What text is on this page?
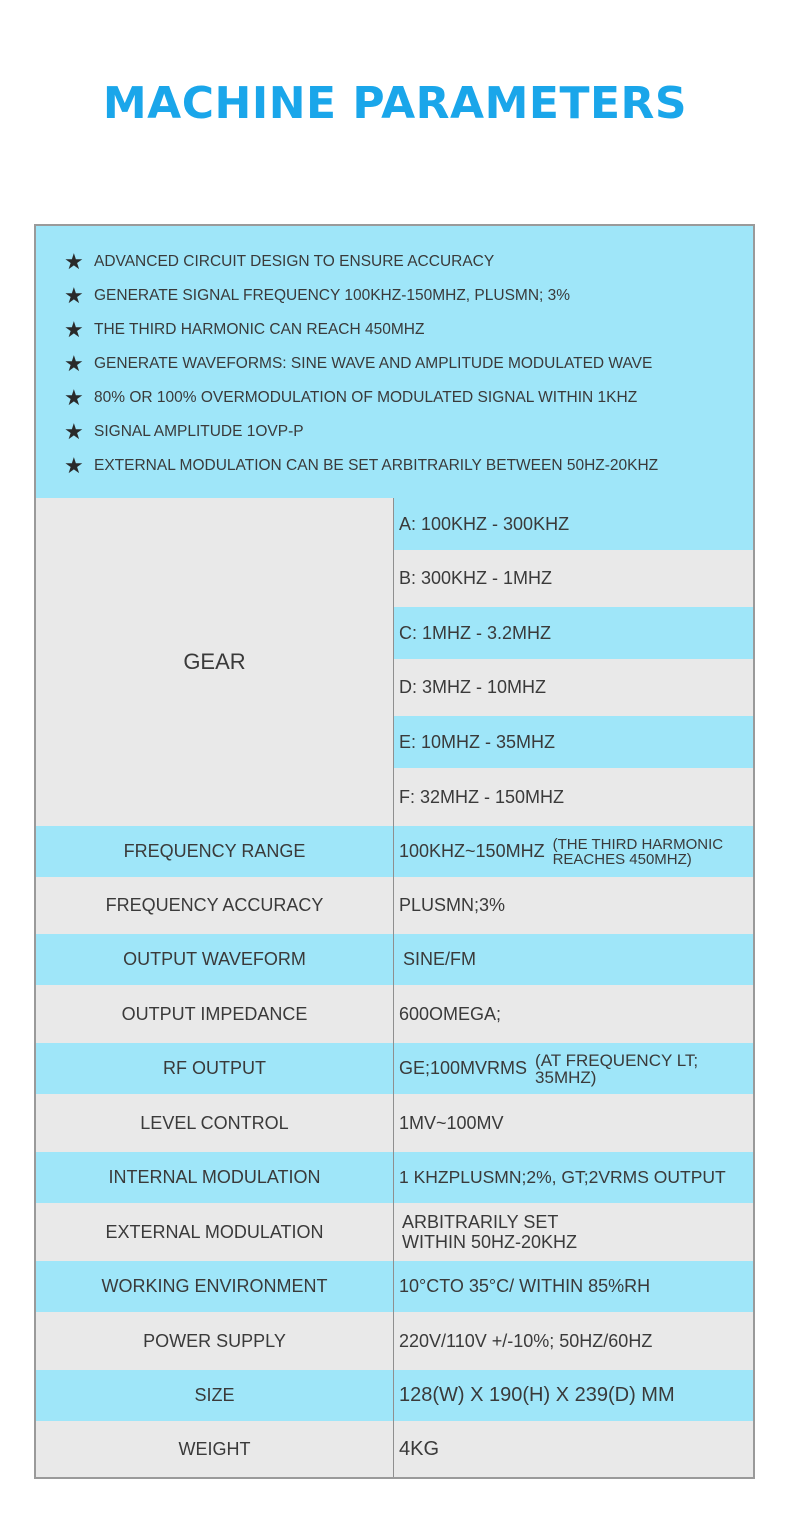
MACHINE PARAMETERS
★ ADVANCED CIRCUIT DESIGN TO ENSURE ACCURACY
★ GENERATE SIGNAL FREQUENCY 100KHZ-150MHZ, PLUSMN; 3%
★ THE THIRD HARMONIC CAN REACH 450MHZ
★ GENERATE WAVEFORMS: SINE WAVE AND AMPLITUDE MODULATED WAVE
★ 80% OR 100% OVERMODULATION OF MODULATED SIGNAL WITHIN 1KHZ
★ SIGNAL AMPLITUDE 1OVP-P
★ EXTERNAL MODULATION CAN BE SET ARBITRARILY BETWEEN 50HZ-20KHZ
GEAR
A: 100KHZ - 300KHZ
B: 300KHZ - 1MHZ
C: 1MHZ - 3.2MHZ
D: 3MHZ - 10MHZ
E: 10MHZ - 35MHZ
F: 32MHZ - 150MHZ
FREQUENCY RANGE	100KHZ~150MHZ (THE THIRD HARMONIC REACHES 450MHZ)
FREQUENCY ACCURACY	PLUSMN;3%
OUTPUT WAVEFORM	SINE/FM
OUTPUT IMPEDANCE	600OMEGA;
RF OUTPUT	GE;100MVRMS (AT FREQUENCY LT; 35MHZ)
LEVEL CONTROL	1MV~100MV
INTERNAL MODULATION	1 KHZPLUSMN;2%, GT;2VRMS OUTPUT
EXTERNAL MODULATION	ARBITRARILY SET WITHIN 50HZ-20KHZ
WORKING ENVIRONMENT	10°CTO 35°C/ WITHIN 85%RH
POWER SUPPLY	220V/110V +/-10%; 50HZ/60HZ
SIZE	128(W) X 190(H) X 239(D) MM
WEIGHT	4KG
